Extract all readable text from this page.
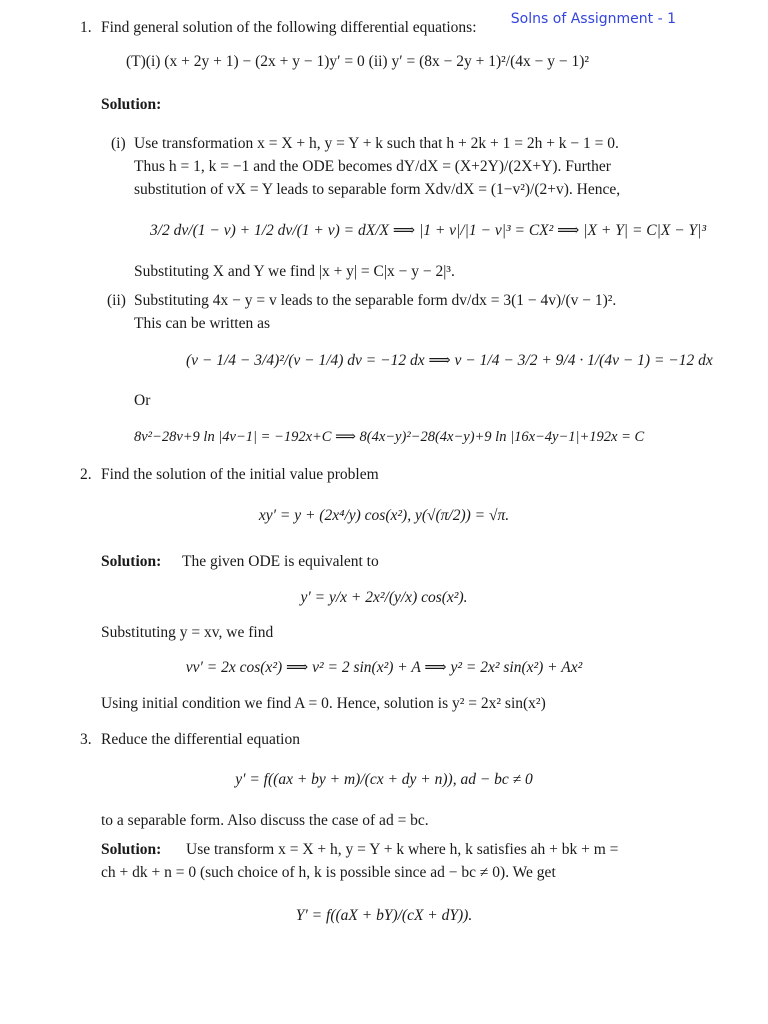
Solns of Assignment - 1
1. Find general solution of the following differential equations:
(T)(i) (x + 2y + 1) − (2x + y − 1)y′ = 0 (ii) y′ = (8x − 2y + 1)²/(4x − y − 1)²
Solution:
(i) Use transformation x = X + h, y = Y + k such that h + 2k + 1 = 2h + k − 1 = 0.
Thus h = 1, k = −1 and the ODE becomes dY/dX = (X+2Y)/(2X+Y). Further
substitution of vX = Y leads to separable form Xdv/dX = (1−v²)/(2+v). Hence,
3/2 dv/(1 − v) + 1/2 dv/(1 + v) = dX/X ⟹ |1 + v|/|1 − v|³ = CX² ⟹ |X + Y| = C|X − Y|³
Substituting X and Y we find |x + y| = C|x − y − 2|³.
(ii) Substituting 4x − y = v leads to the separable form dv/dx = 3(1 − 4v)/(v − 1)².
This can be written as
(v − 1/4 − 3/4)²/(v − 1/4) dv = −12 dx ⟹ v − 1/4 − 3/2 + 9/4 · 1/(4v − 1) = −12 dx
Or
8v²−28v+9 ln |4v−1| = −192x+C ⟹ 8(4x−y)²−28(4x−y)+9 ln |16x−4y−1|+192x = C
2. Find the solution of the initial value problem
xy′ = y + (2x⁴/y) cos(x²), y(√(π/2)) = √π.
Solution: The given ODE is equivalent to
y′ = y/x + 2x²/(y/x) cos(x²).
Substituting y = xv, we find
vv′ = 2x cos(x²) ⟹ v² = 2 sin(x²) + A ⟹ y² = 2x² sin(x²) + Ax²
Using initial condition we find A = 0. Hence, solution is y² = 2x² sin(x²)
3. Reduce the differential equation
y′ = f((ax + by + m)/(cx + dy + n)), ad − bc ≠ 0
to a separable form. Also discuss the case of ad = bc.
Solution: Use transform x = X + h, y = Y + k where h, k satisfies ah + bk + m =
ch + dk + n = 0 (such choice of h, k is possible since ad − bc ≠ 0). We get
Y′ = f((aX + bY)/(cX + dY)).
